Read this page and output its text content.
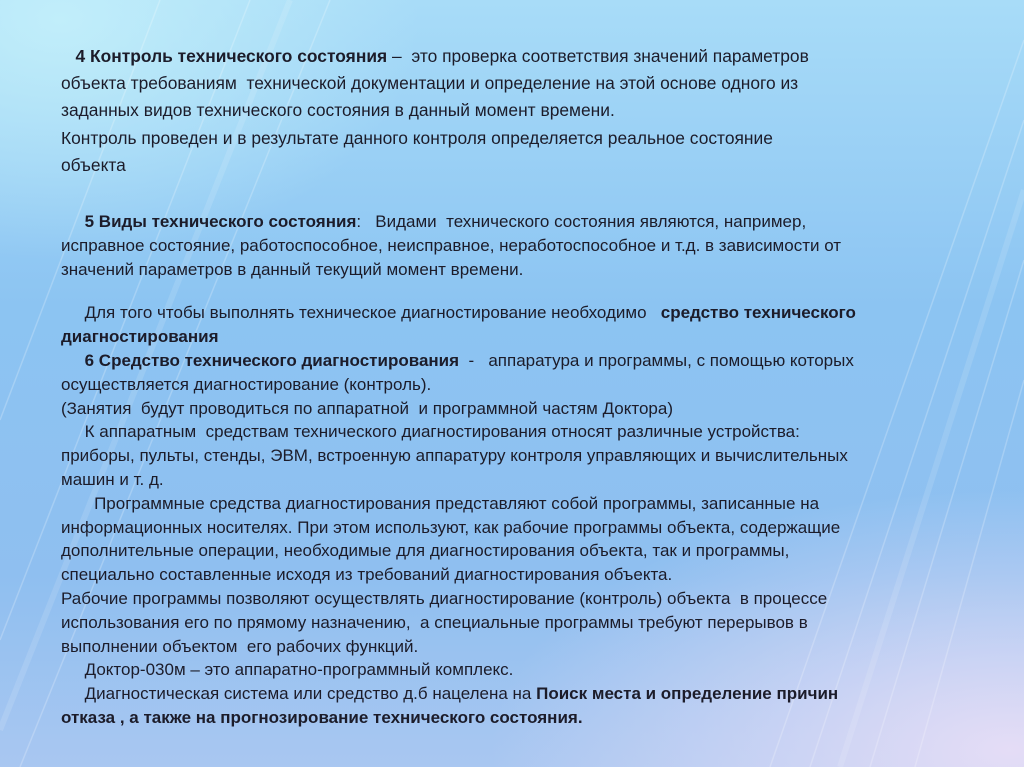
4 Контроль технического состояния –  это проверка соответствия значений параметров
объекта требованиям  технической документации и определение на этой основе одного из
заданных видов технического состояния в данный момент времени.
Контроль проведен и в результате данного контроля определяется реальное состояние
объекта
5 Виды технического состояния:   Видами  технического состояния являются, например,
исправное состояние, работоспособное, неисправное, неработоспособное и т.д. в зависимости от
значений параметров в данный текущий момент времени.
Для того чтобы выполнять техническое диагностирование необходимо   средство технического
диагностирования
6 Средство технического диагностирования  -   аппаратура и программы, с помощью которых
осуществляется диагностирование (контроль).
(Занятия  будут проводиться по аппаратной  и программной частям Доктора)
К аппаратным  средствам технического диагностирования относят различные устройства:
приборы, пульты, стенды, ЭВМ, встроенную аппаратуру контроля управляющих и вычислительных
машин и т. д.
Программные средства диагностирования представляют собой программы, записанные на
информационных носителях. При этом используют, как рабочие программы объекта, содержащие
дополнительные операции, необходимые для диагностирования объекта, так и программы,
специально составленные исходя из требований диагностирования объекта.
Рабочие программы позволяют осуществлять диагностирование (контроль) объекта  в процессе
использования его по прямому назначению,  а специальные программы требуют перерывов в
выполнении объектом  его рабочих функций.
Доктор-030м – это аппаратно-программный комплекс.
Диагностическая система или средство д.б нацелена на Поиск места и определение причин
отказа , а также на прогнозирование технического состояния.
